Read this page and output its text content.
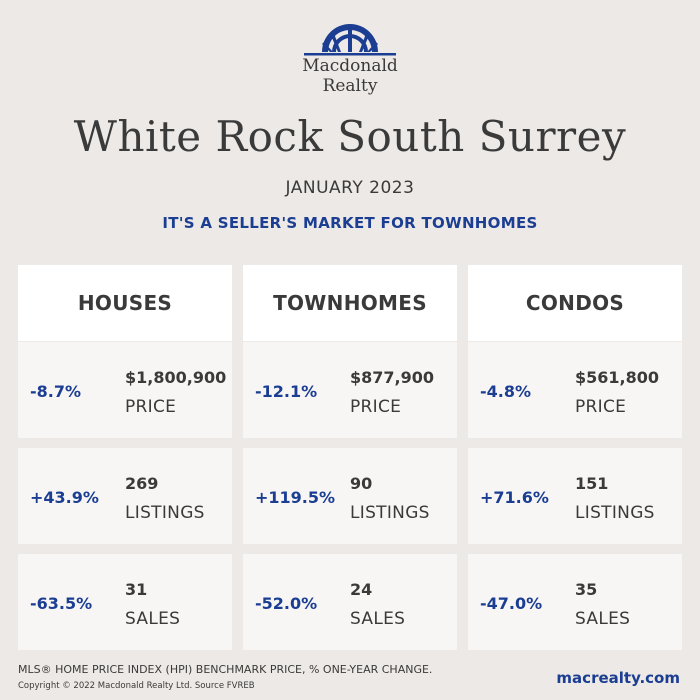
Macdonald
Realty
White Rock South Surrey
JANUARY 2023
IT'S A SELLER'S MARKET FOR TOWNHOMES
HOUSES
-8.7%
$1,800,900
PRICE
+43.9%
269
LISTINGS
-63.5%
31
SALES
TOWNHOMES
-12.1%
$877,900
PRICE
+119.5%
90
LISTINGS
-52.0%
24
SALES
CONDOS
-4.8%
$561,800
PRICE
+71.6%
151
LISTINGS
-47.0%
35
SALES
MLS® HOME PRICE INDEX (HPI) BENCHMARK PRICE, % ONE-YEAR CHANGE.
Copyright © 2022 Macdonald Realty Ltd. Source FVREB	macrealty.com
